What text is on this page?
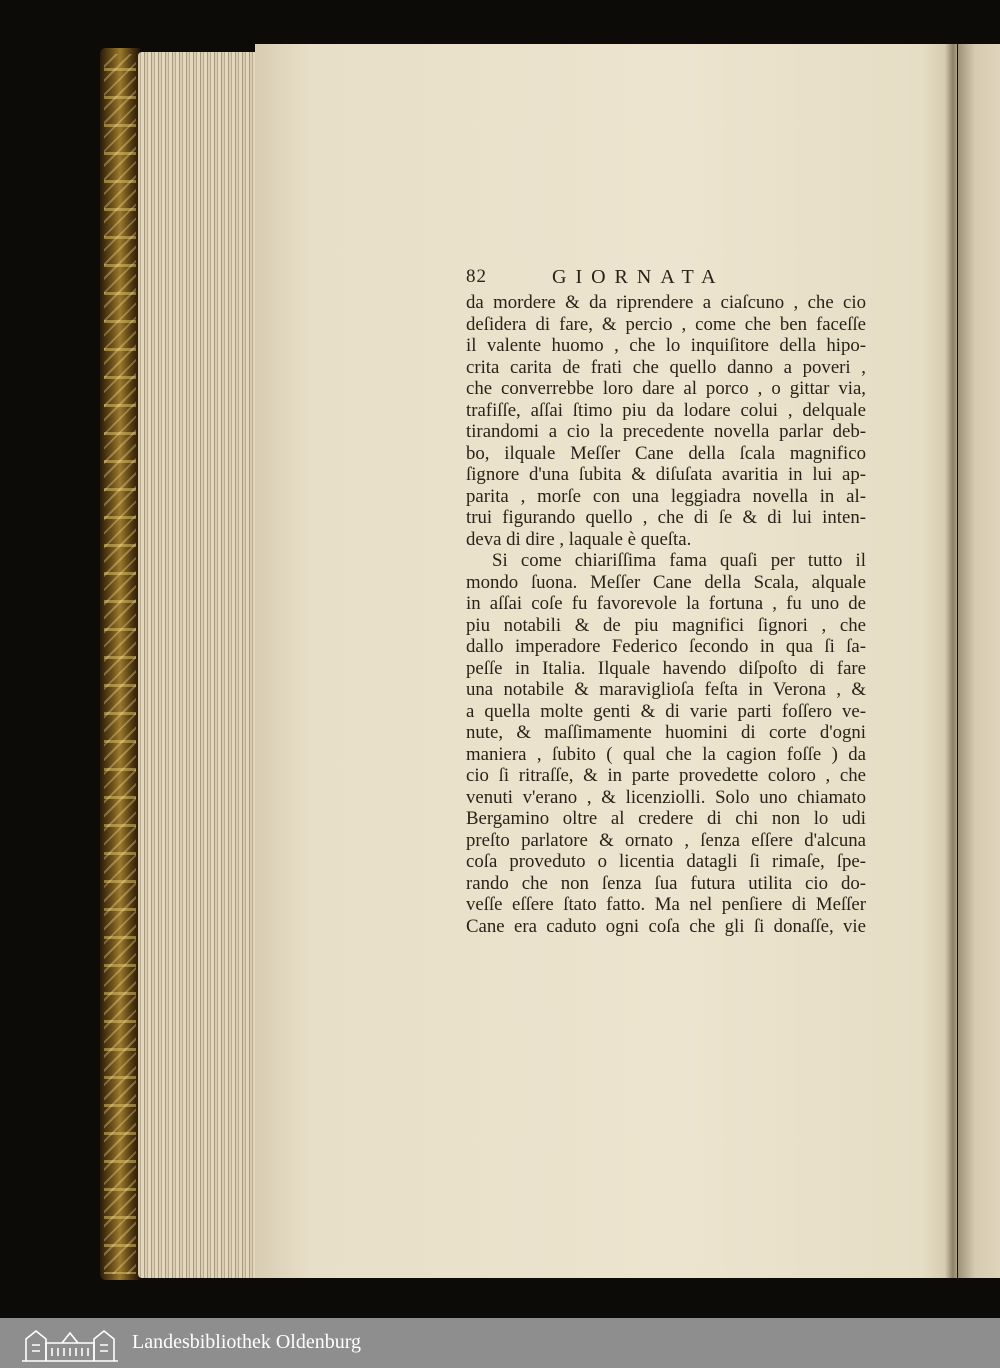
82	GIORNATA
da mordere & da riprendere a ciaſcuno , che cio
deſidera di fare, & percio , come che ben faceſſe
il valente huomo , che lo inquiſitore della hipo-
crita carita de frati che quello danno a poveri ,
che converrebbe loro dare al porco , o gittar via,
trafiſſe, aſſai ſtimo piu da lodare colui , delquale
tirandomi a cio la precedente novella parlar deb-
bo, ilquale Meſſer Cane della ſcala magnifico
ſignore d'una ſubita & diſuſata avaritia in lui ap-
parita , morſe con una leggiadra novella in al-
trui figurando quello , che di ſe & di lui inten-
deva di dire , laquale è queſta.
Si come chiariſſima fama quaſi per tutto il
mondo ſuona. Meſſer Cane della Scala, alquale
in aſſai coſe fu favorevole la fortuna , fu uno de
piu notabili & de piu magnifici ſignori , che
dallo imperadore Federico ſecondo in qua ſi ſa-
peſſe in Italia. Ilquale havendo diſpoſto di fare
una notabile & maraviglioſa feſta in Verona , &
a quella molte genti & di varie parti foſſero ve-
nute, & maſſimamente huomini di corte d'ogni
maniera , ſubito ( qual che la cagion foſſe ) da
cio ſi ritraſſe, & in parte provedette coloro , che
venuti v'erano , & licenziolli. Solo uno chiamato
Bergamino oltre al credere di chi non lo udi
preſto parlatore & ornato , ſenza eſſere d'alcuna
coſa proveduto o licentia datagli ſi rimaſe, ſpe-
rando che non ſenza ſua futura utilita cio do-
veſſe eſſere ſtato fatto. Ma nel penſiere di Meſſer
Cane era caduto ogni coſa che gli ſi donaſſe, vie
Landesbibliothek Oldenburg
